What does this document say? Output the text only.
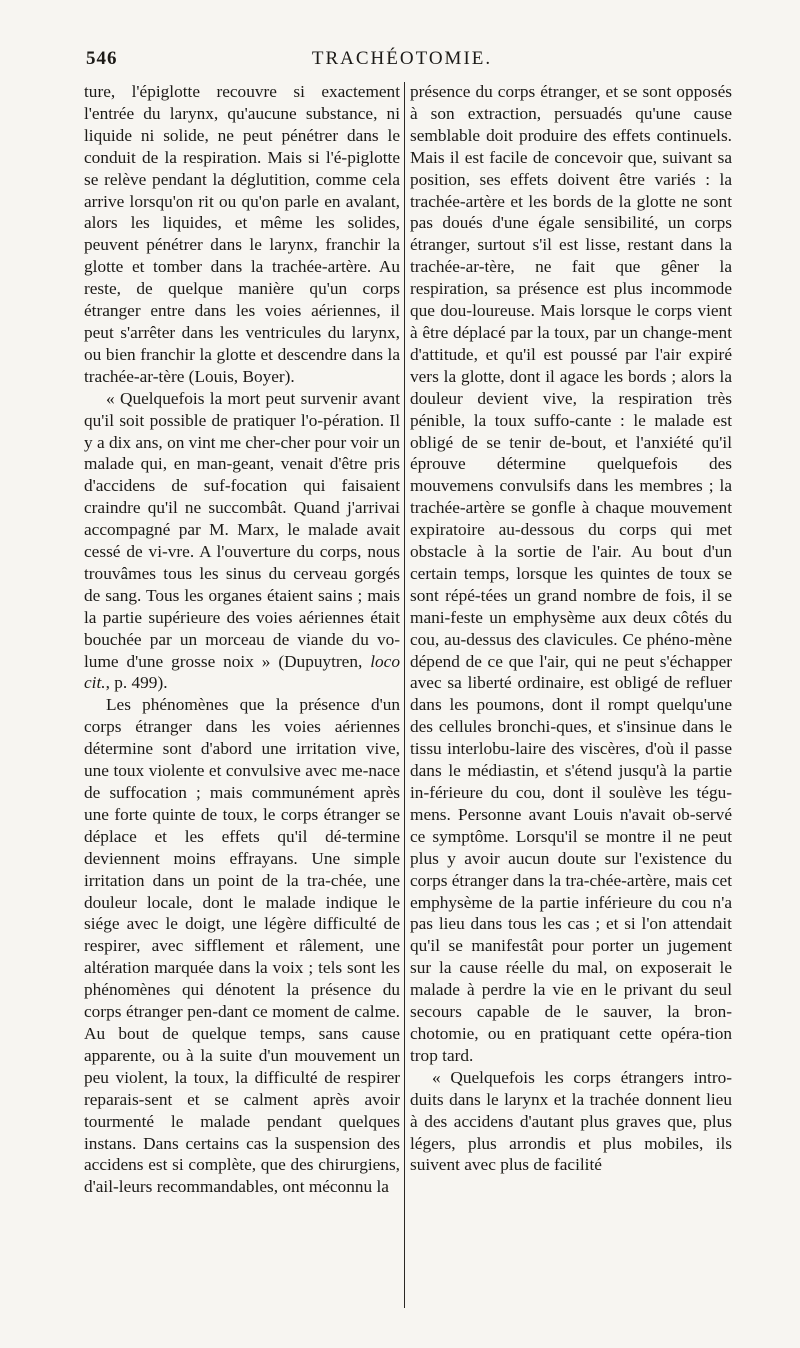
546	TRACHÉOTOMIE.

ture, l'épiglotte recouvre si exactement l'entrée du larynx, qu'aucune substance, ni liquide ni solide, ne peut pénétrer dans le conduit de la respiration. Mais si l'é-piglotte se relève pendant la déglutition, comme cela arrive lorsqu'on rit ou qu'on parle en avalant, alors les liquides, et même les solides, peuvent pénétrer dans le larynx, franchir la glotte et tomber dans la trachée-artère. Au reste, de quelque manière qu'un corps étranger entre dans les voies aériennes, il peut s'arrêter dans les ventricules du larynx, ou bien franchir la glotte et descendre dans la trachée-ar-tère (Louis, Boyer).

« Quelquefois la mort peut survenir avant qu'il soit possible de pratiquer l'o-pération. Il y a dix ans, on vint me cher-cher pour voir un malade qui, en man-geant, venait d'être pris d'accidens de suf-focation qui faisaient craindre qu'il ne succombât. Quand j'arrivai accompagné par M. Marx, le malade avait cessé de vi-vre. A l'ouverture du corps, nous trouvâmes tous les sinus du cerveau gorgés de sang. Tous les organes étaient sains ; mais la partie supérieure des voies aériennes était bouchée par un morceau de viande du vo-lume d'une grosse noix » (Dupuytren, loco cit., p. 499).

Les phénomènes que la présence d'un corps étranger dans les voies aériennes détermine sont d'abord une irritation vive, une toux violente et convulsive avec me-nace de suffocation ; mais communément après une forte quinte de toux, le corps étranger se déplace et les effets qu'il dé-termine deviennent moins effrayans. Une simple irritation dans un point de la tra-chée, une douleur locale, dont le malade indique le siége avec le doigt, une légère difficulté de respirer, avec sifflement et râlement, une altération marquée dans la voix ; tels sont les phénomènes qui dénotent la présence du corps étranger pen-dant ce moment de calme. Au bout de quelque temps, sans cause apparente, ou à la suite d'un mouvement un peu violent, la toux, la difficulté de respirer reparais-sent et se calment après avoir tourmenté le malade pendant quelques instans. Dans certains cas la suspension des accidens est si complète, que des chirurgiens, d'ail-leurs recommandables, ont méconnu la

présence du corps étranger, et se sont opposés à son extraction, persuadés qu'une cause semblable doit produire des effets continuels. Mais il est facile de concevoir que, suivant sa position, ses effets doivent être variés : la trachée-artère et les bords de la glotte ne sont pas doués d'une égale sensibilité, un corps étranger, surtout s'il est lisse, restant dans la trachée-ar-tère, ne fait que gêner la respiration, sa présence est plus incommode que dou-loureuse. Mais lorsque le corps vient à être déplacé par la toux, par un change-ment d'attitude, et qu'il est poussé par l'air expiré vers la glotte, dont il agace les bords ; alors la douleur devient vive, la respiration très pénible, la toux suffo-cante : le malade est obligé de se tenir de-bout, et l'anxiété qu'il éprouve détermine quelquefois des mouvemens convulsifs dans les membres ; la trachée-artère se gonfle à chaque mouvement expiratoire au-dessous du corps qui met obstacle à la sortie de l'air. Au bout d'un certain temps, lorsque les quintes de toux se sont répé-tées un grand nombre de fois, il se mani-feste un emphysème aux deux côtés du cou, au-dessus des clavicules. Ce phéno-mène dépend de ce que l'air, qui ne peut s'échapper avec sa liberté ordinaire, est obligé de refluer dans les poumons, dont il rompt quelqu'une des cellules bronchi-ques, et s'insinue dans le tissu interlobu-laire des viscères, d'où il passe dans le médiastin, et s'étend jusqu'à la partie in-férieure du cou, dont il soulève les tégu-mens. Personne avant Louis n'avait ob-servé ce symptôme. Lorsqu'il se montre il ne peut plus y avoir aucun doute sur l'existence du corps étranger dans la tra-chée-artère, mais cet emphysème de la partie inférieure du cou n'a pas lieu dans tous les cas ; et si l'on attendait qu'il se manifestât pour porter un jugement sur la cause réelle du mal, on exposerait le malade à perdre la vie en le privant du seul secours capable de le sauver, la bron-chotomie, ou en pratiquant cette opéra-tion trop tard.

« Quelquefois les corps étrangers intro-duits dans le larynx et la trachée donnent lieu à des accidens d'autant plus graves que, plus légers, plus arrondis et plus mobiles, ils suivent avec plus de facilité
